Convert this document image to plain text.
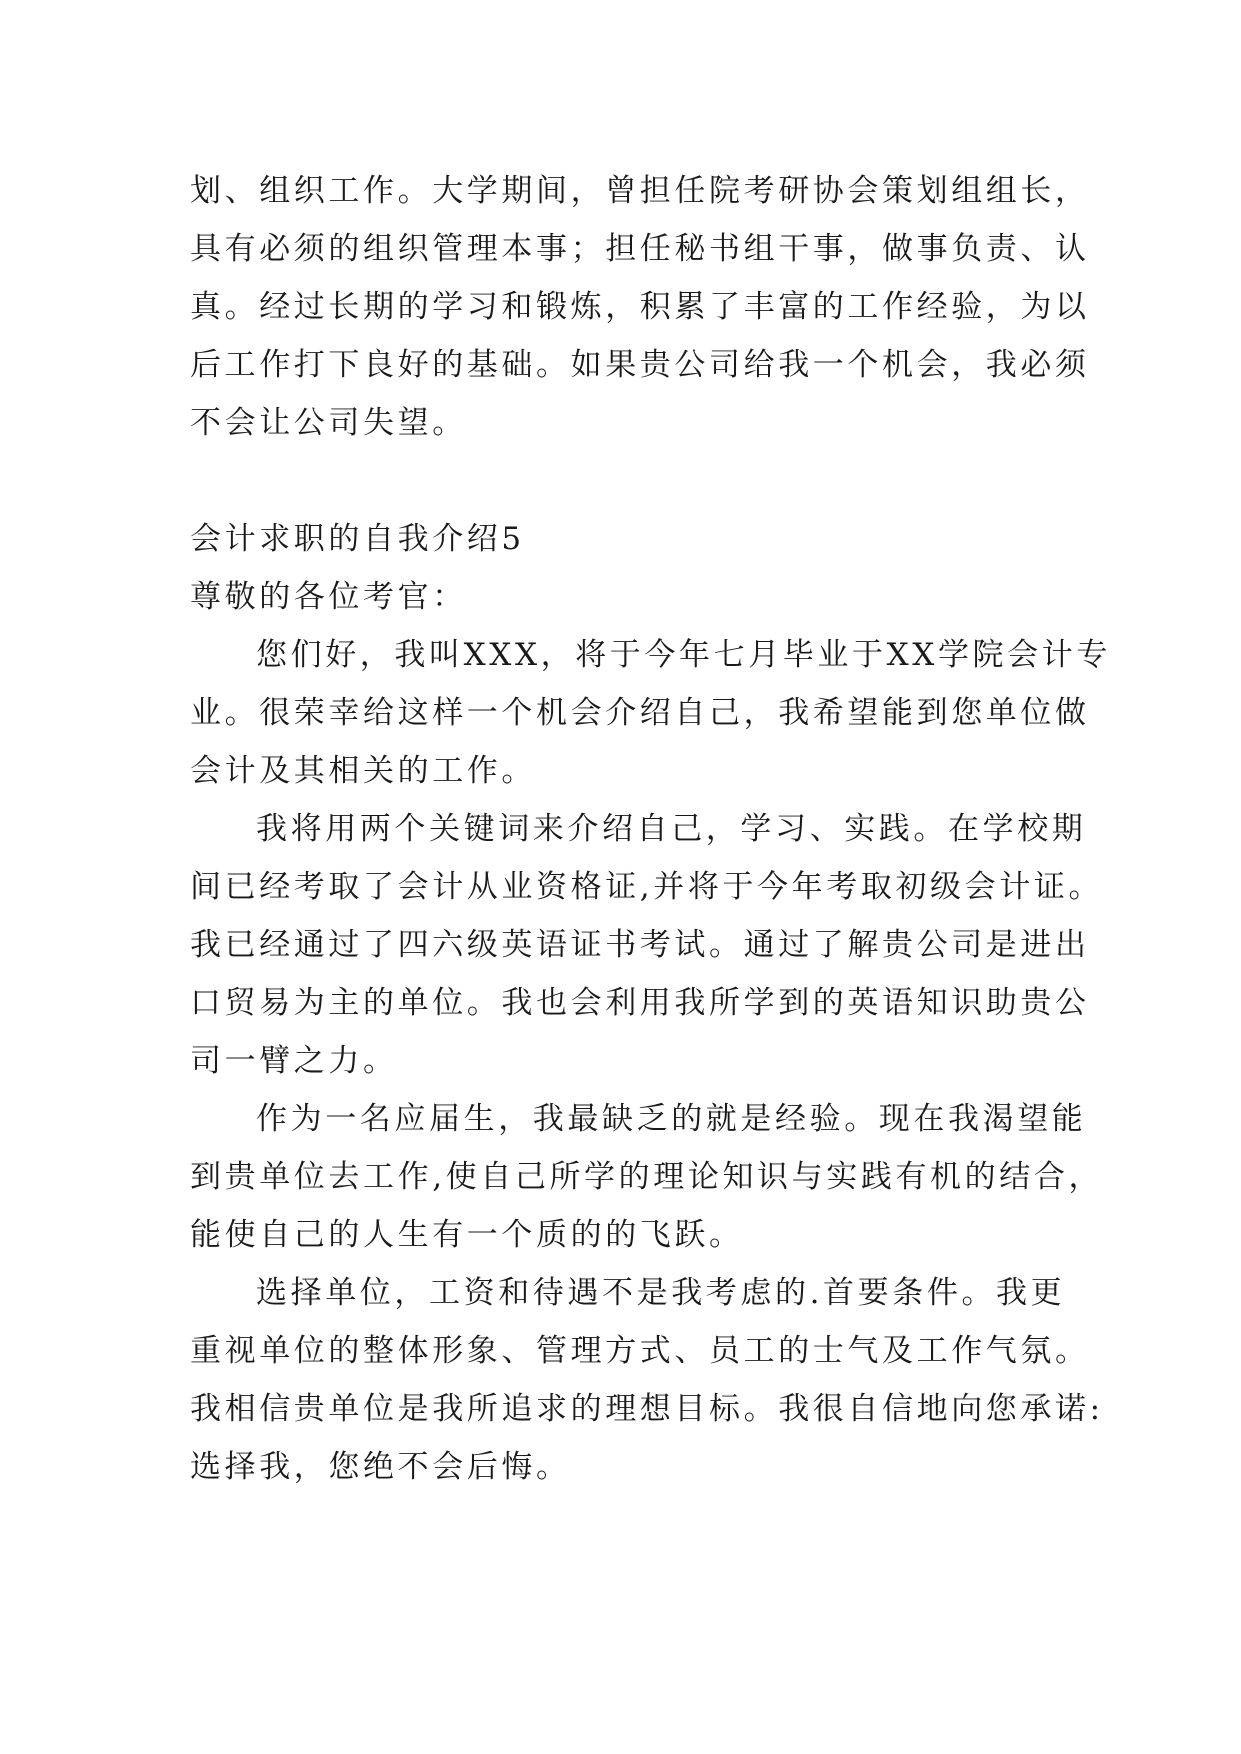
划、组织工作。大学期间，曾担任院考研协会策划组组长，
具有必须的组织管理本事；担任秘书组干事，做事负责、认
真。经过长期的学习和锻炼，积累了丰富的工作经验，为以
后工作打下良好的基础。如果贵公司给我一个机会，我必须
不会让公司失望。
会计求职的自我介绍5
尊敬的各位考官：
您们好，我叫XXX，将于今年七月毕业于XX学院会计专
业。很荣幸给这样一个机会介绍自己，我希望能到您单位做
会计及其相关的工作。
我将用两个关键词来介绍自己，学习、实践。在学校期
间已经考取了会计从业资格证,并将于今年考取初级会计证。
我已经通过了四六级英语证书考试。通过了解贵公司是进出
口贸易为主的单位。我也会利用我所学到的英语知识助贵公
司一臂之力。
作为一名应届生，我最缺乏的就是经验。现在我渴望能
到贵单位去工作,使自己所学的理论知识与实践有机的结合，
能使自己的人生有一个质的的飞跃。
选择单位，工资和待遇不是我考虑的.首要条件。我更
重视单位的整体形象、管理方式、员工的士气及工作气氛。
我相信贵单位是我所追求的理想目标。我很自信地向您承诺:
选择我，您绝不会后悔。
